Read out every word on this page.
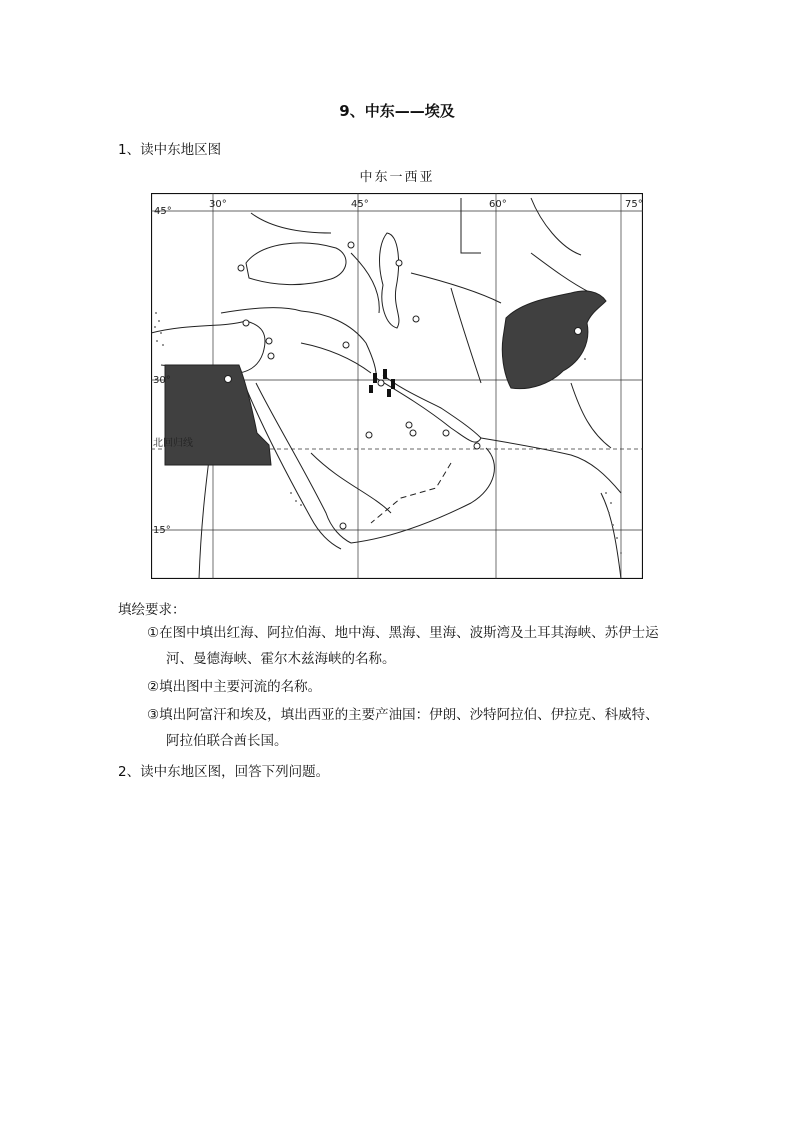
9、中东——埃及
1、读中东地区图
中东一西亚
45°
30°	45°	60°	75°
30°
15°
北回归线
填绘要求：
①在图中填出红海、阿拉伯海、地中海、黑海、里海、波斯湾及土耳其海峡、苏伊士运
河、曼德海峡、霍尔木兹海峡的名称。
②填出图中主要河流的名称。
③填出阿富汗和埃及，填出西亚的主要产油国：伊朗、沙特阿拉伯、伊拉克、科威特、
阿拉伯联合酋长国。
2、读中东地区图，回答下列问题。
